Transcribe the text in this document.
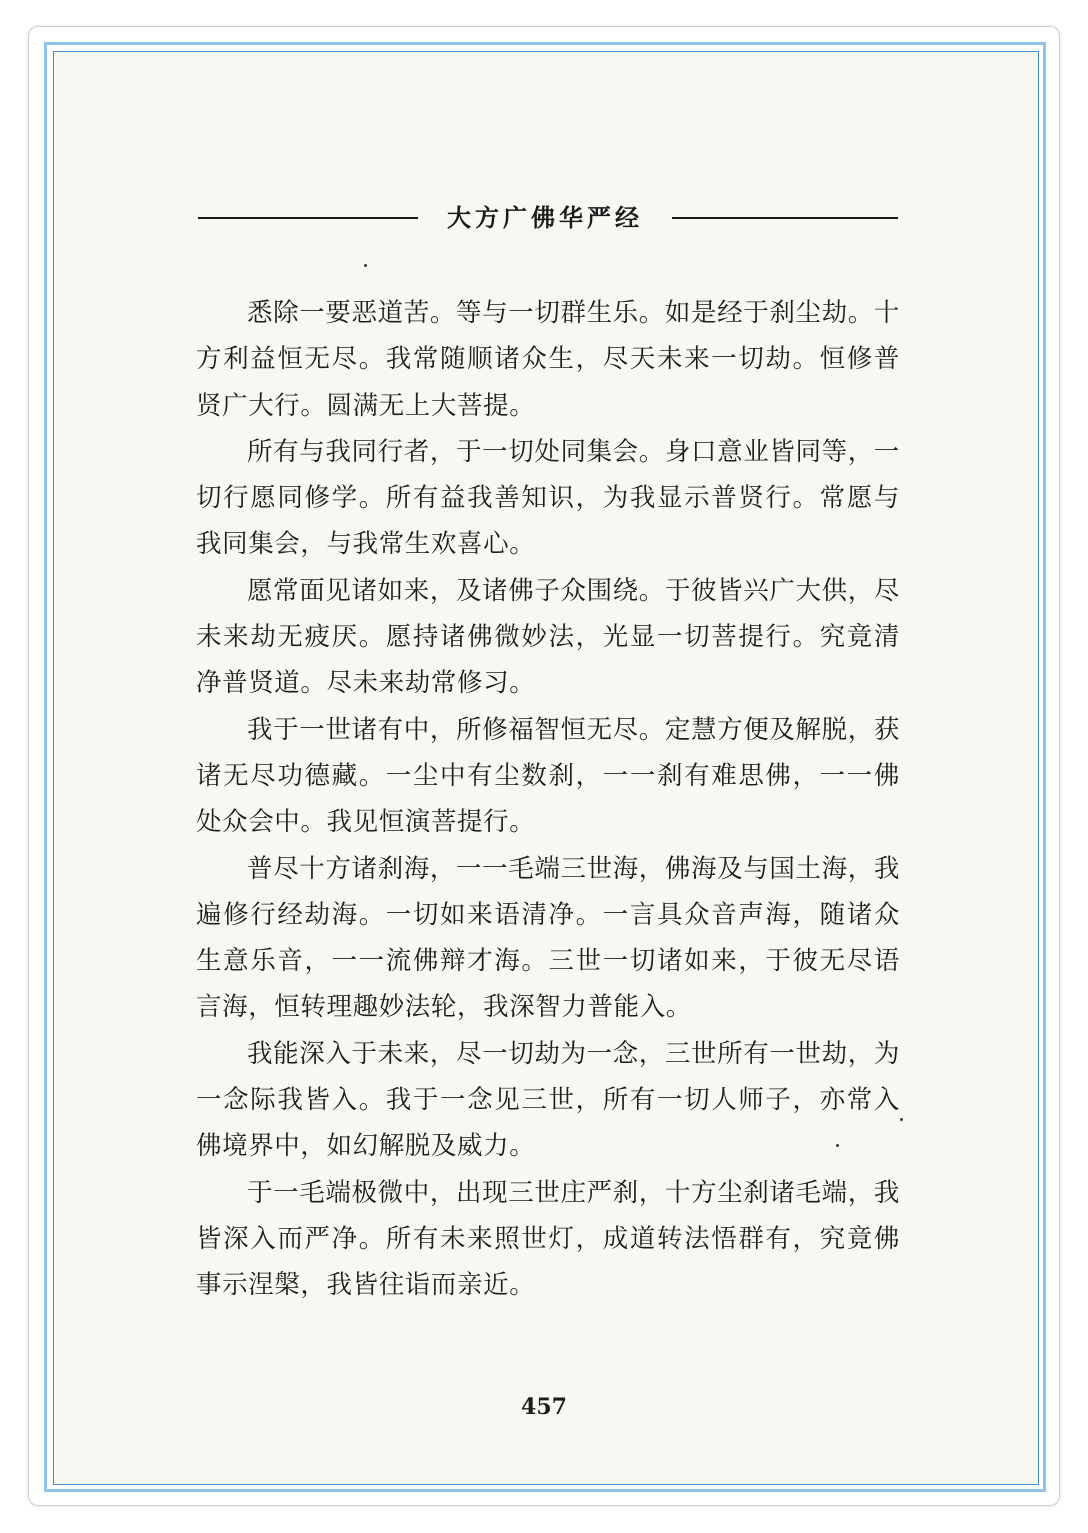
大方广佛华严经

悉除一要恶道苦。等与一切群生乐。如是经于刹尘劫。十方利益恒无尽。我常随顺诸众生，尽天未来一切劫。恒修普贤广大行。圆满无上大菩提。

所有与我同行者，于一切处同集会。身口意业皆同等，一切行愿同修学。所有益我善知识，为我显示普贤行。常愿与我同集会，与我常生欢喜心。

愿常面见诸如来，及诸佛子众围绕。于彼皆兴广大供，尽未来劫无疲厌。愿持诸佛微妙法，光显一切菩提行。究竟清净普贤道。尽未来劫常修习。

我于一世诸有中，所修福智恒无尽。定慧方便及解脱，获诸无尽功德藏。一尘中有尘数刹，一一刹有难思佛，一一佛处众会中。我见恒演菩提行。

普尽十方诸刹海，一一毛端三世海，佛海及与国土海，我遍修行经劫海。一切如来语清净。一言具众音声海，随诸众生意乐音，一一流佛辩才海。三世一切诸如来，于彼无尽语言海，恒转理趣妙法轮，我深智力普能入。

我能深入于未来，尽一切劫为一念，三世所有一世劫，为一念际我皆入。我于一念见三世，所有一切人师子，亦常入佛境界中，如幻解脱及威力。

于一毛端极微中，出现三世庄严刹，十方尘刹诸毛端，我皆深入而严净。所有未来照世灯，成道转法悟群有，究竟佛事示涅槃，我皆往诣而亲近。

457
